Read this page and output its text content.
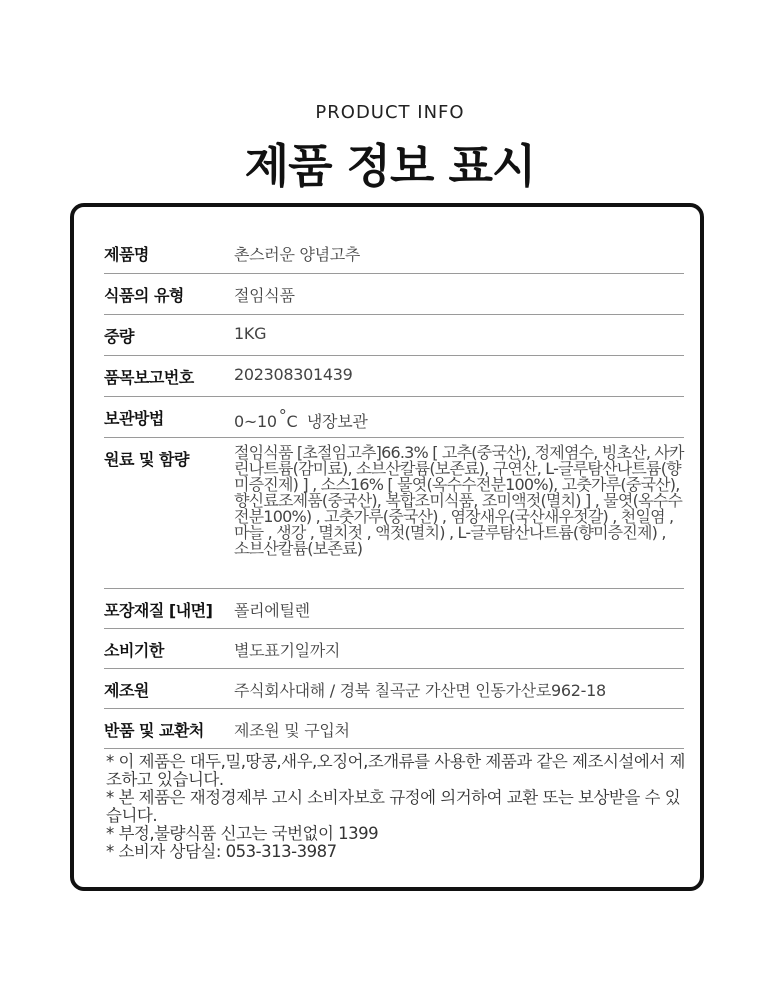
PRODUCT INFO
제품 정보 표시
제품명	촌스러운 양념고추
식품의 유형	절임식품
중량	1KG
품목보고번호	202308301439
보관방법	0~10 °C 냉장보관
원료 및 함량	절임식품 [초절임고추]66.3% [ 고추(중국산), 정제염수, 빙초산, 사카린나트륨(감미료), 소브산칼륨(보존료), 구연산, L-글루탐산나트륨(향미증진제) ] , 소스16% [ 물엿(옥수수전분100%), 고춧가루(중국산), 향신료조제품(중국산), 복합조미식품, 조미액젓(멸치) ] , 물엿(옥수수전분100%) , 고춧가루(중국산) , 염장새우(국산새우젓갈) , 천일염 , 마늘 , 생강 , 멸치젓 , 액젓(멸치) , L-글루탐산나트륨(향미증진제) , 소브산칼륨(보존료)
포장재질 [내면]	폴리에틸렌
소비기한	별도표기일까지
제조원	주식회사대해 / 경북 칠곡군 가산면 인동가산로962-18
반품 및 교환처	제조원 및 구입처
* 이 제품은 대두,밀,땅콩,새우,오징어,조개류를 사용한 제품과 같은 제조시설에서 제조하고 있습니다.
* 본 제품은 재정경제부 고시 소비자보호 규정에 의거하여 교환 또는 보상받을 수 있습니다.
* 부정,불량식품 신고는 국번없이 1399
* 소비자 상담실: 053-313-3987
